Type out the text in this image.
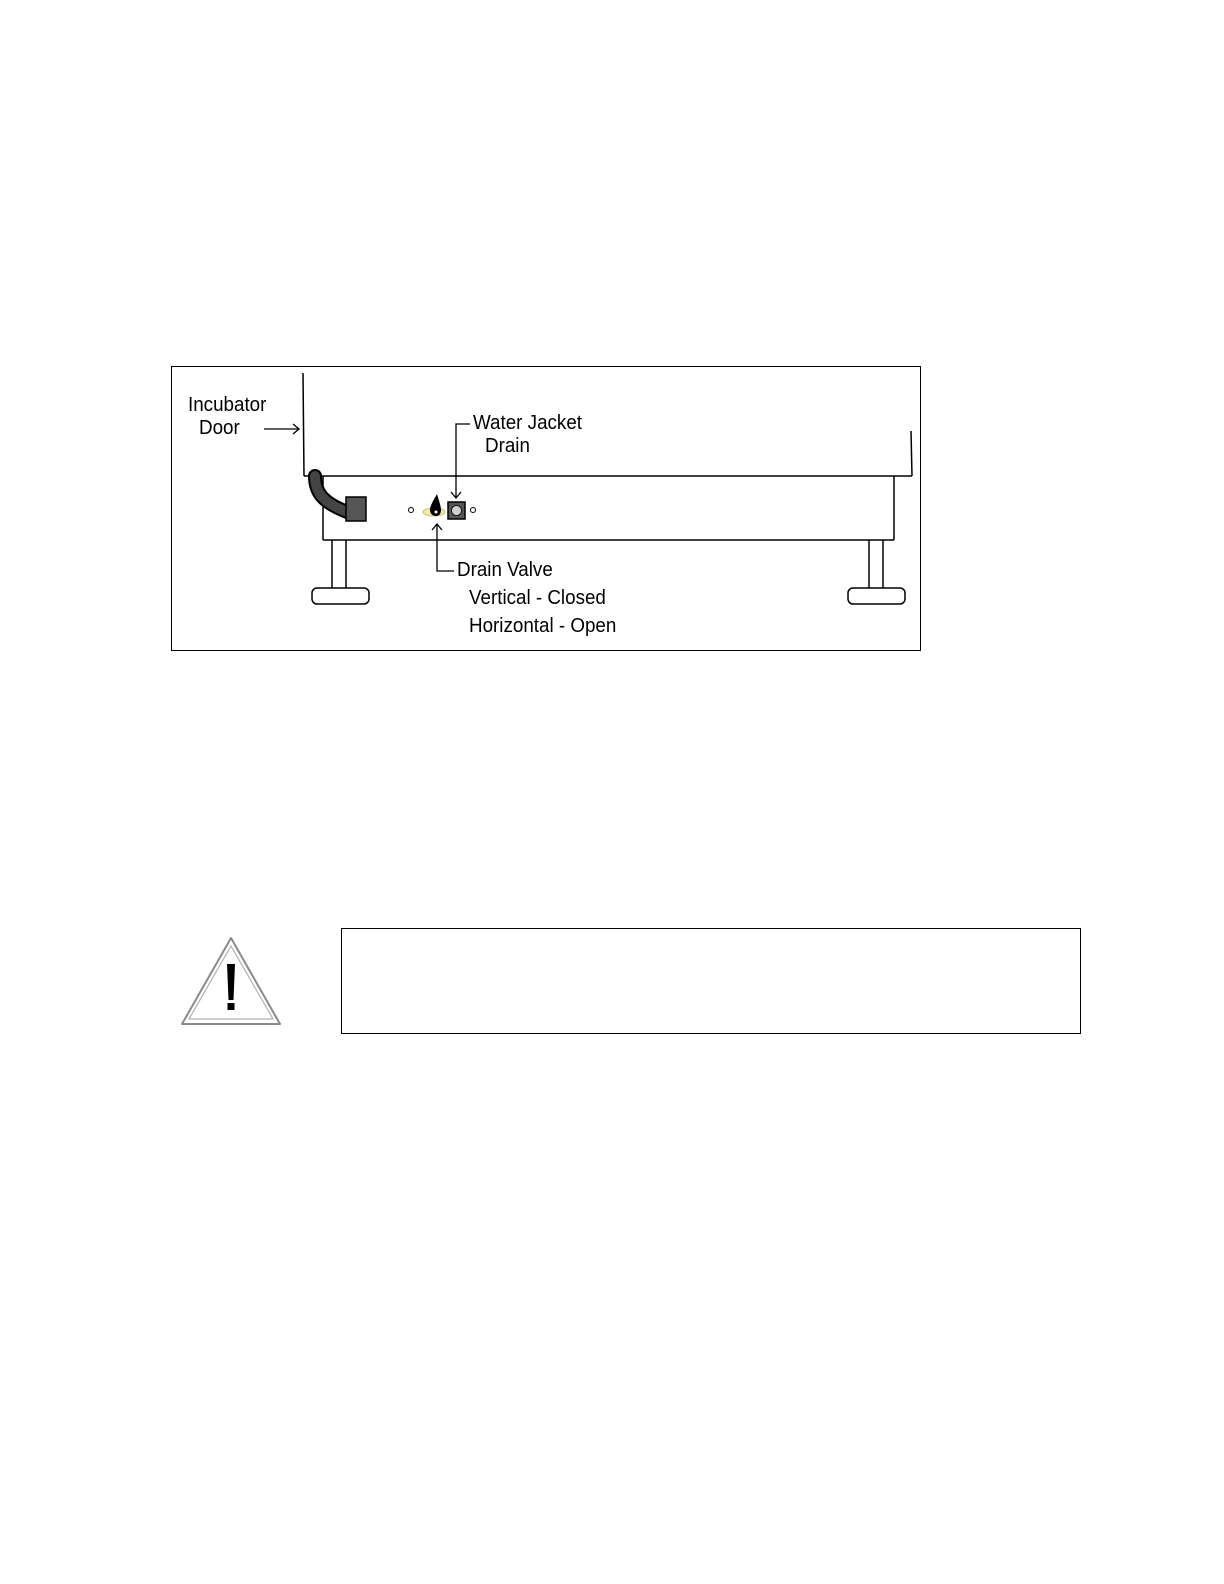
Incubator
Door	Water Jacket
Drain
Drain Valve
Vertical - Closed
Horizontal - Open
